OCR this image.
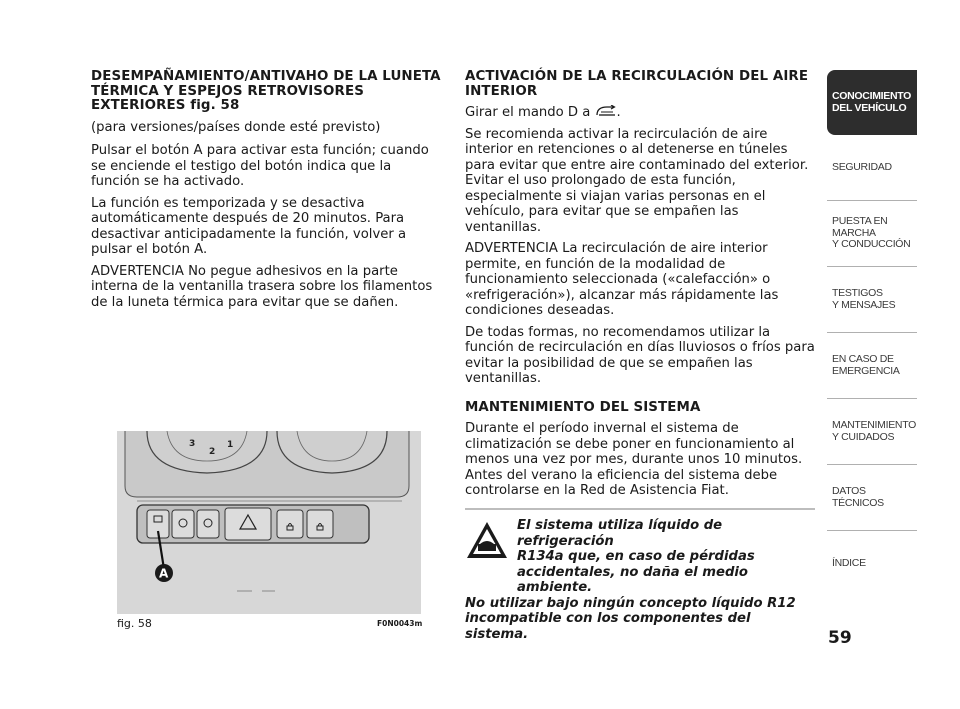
DESEMPAÑAMIENTO/ANTIVAHO DE LA LUNETA TÉRMICA Y ESPEJOS RETROVISORES EXTERIORES fig. 58

(para versiones/países donde esté previsto)

Pulsar el botón A para activar esta función; cuando se enciende el testigo del botón indica que la función se ha activado.

La función es temporizada y se desactiva automáticamente después de 20 minutos. Para desactivar anticipadamente la función, volver a pulsar el botón A.

ADVERTENCIA No pegue adhesivos en la parte interna de la ventanilla trasera sobre los filamentos de la luneta térmica para evitar que se dañen.

ACTIVACIÓN DE LA RECIRCULACIÓN DEL AIRE INTERIOR

Girar el mando D a .

Se recomienda activar la recirculación de aire interior en retenciones o al detenerse en túneles para evitar que entre aire contaminado del exterior. Evitar el uso prolongado de esta función, especialmente si viajan varias personas en el vehículo, para evitar que se empañen las ventanillas.

ADVERTENCIA La recirculación de aire interior permite, en función de la modalidad de funcionamiento seleccionada («calefacción» o «refrigeración»), alcanzar más rápidamente las condiciones deseadas.

De todas formas, no recomendamos utilizar la función de recirculación en días lluviosos o fríos para evitar la posibilidad de que se empañen las ventanillas.

MANTENIMIENTO DEL SISTEMA

Durante el período invernal el sistema de climatización se debe poner en funcionamiento al menos una vez por mes, durante unos 10 minutos. Antes del verano la eficiencia del sistema debe controlarse en la Red de Asistencia Fiat.

El sistema utiliza líquido de refrigeración
R134a que, en caso de pérdidas
accidentales, no daña el medio ambiente.
No utilizar bajo ningún concepto líquido R12 incompatible con los componentes del sistema.
3
2
1
A
fig. 58	F0N0043m
CONOCIMIENTO
DEL VEHÍCULO
SEGURIDAD
PUESTA EN
MARCHA
Y CONDUCCIÓN
TESTIGOS
Y MENSAJES
EN CASO DE
EMERGENCIA
MANTENIMIENTO
Y CUIDADOS
DATOS
TÉCNICOS
ÍNDICE
59
